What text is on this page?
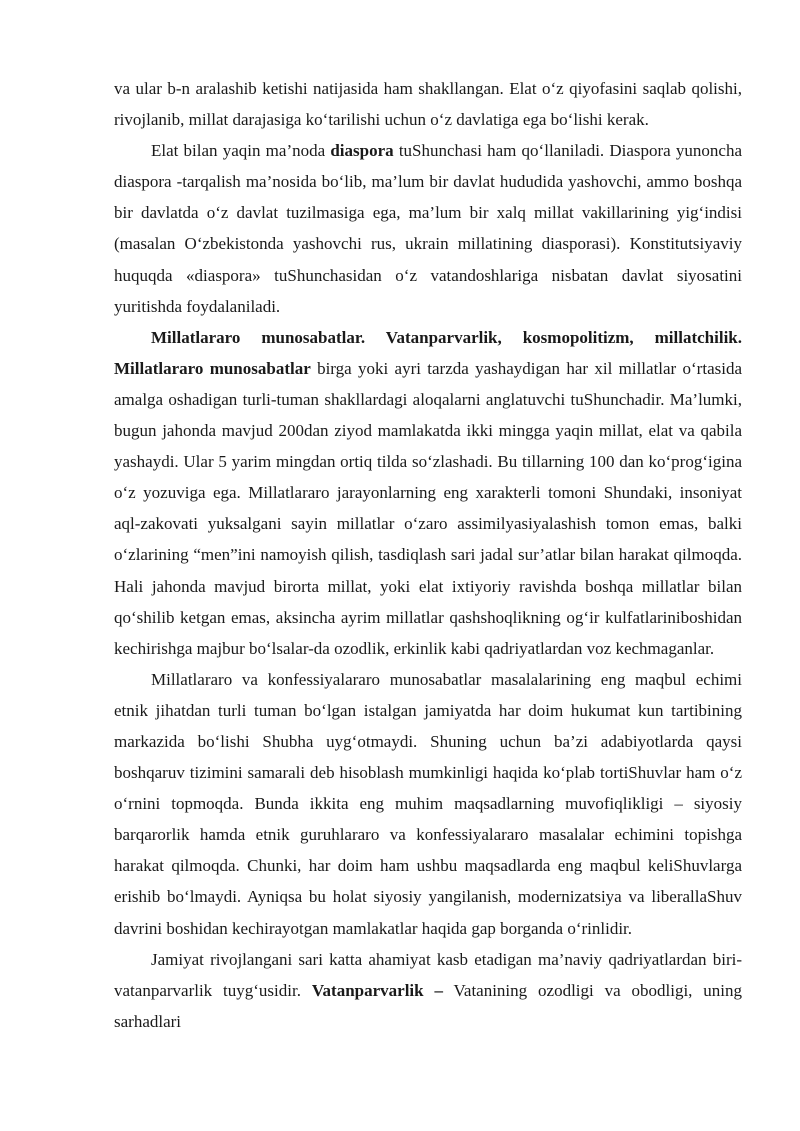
va ular b-n aralashib ketishi natijasida ham shakllangan. Elat o‘z qiyofasini saqlab qolishi, rivojlanib, millat darajasiga ko‘tarilishi uchun o‘z davlatiga ega bo‘lishi kerak.

Elat bilan yaqin ma’noda diaspora tuShunchasi ham qo‘llaniladi. Diaspora yunoncha diaspora -tarqalish ma’nosida bo‘lib, ma’lum bir davlat hududida yashovchi, ammo boshqa bir davlatda o‘z davlat tuzilmasiga ega, ma’lum bir xalq millat vakillarining yig‘indisi (masalan O‘zbekistonda yashovchi rus, ukrain millatining diasporasi). Konstitutsiyaviy huquqda «diaspora» tuShunchasidan o‘z vatandoshlariga nisbatan davlat siyosatini yuritishda foydalaniladi.

Millatlararo munosabatlar. Vatanparvarlik, kosmopolitizm, millatchilik.

Millatlararo munosabatlar birga yoki ayri tarzda yashaydigan har xil millatlar o‘rtasida amalga oshadigan turli-tuman shakllardagi aloqalarni anglatuvchi tuShunchadir. Ma’lumki, bugun jahonda mavjud 200dan ziyod mamlakatda ikki mingga yaqin millat, elat va qabila yashaydi. Ular 5 yarim mingdan ortiq tilda so‘zlashadi. Bu tillarning 100 dan ko‘prog‘igina o‘z yozuviga ega. Millatlararo jarayonlarning eng xarakterli tomoni Shundaki, insoniyat aql-zakovati yuksalgani sayin millatlar o‘zaro assimilyasiyalashish tomon emas, balki o‘zlarining “men”ini namoyish qilish, tasdiqlash sari jadal sur’atlar bilan harakat qilmoqda. Hali jahonda mavjud birorta millat, yoki elat ixtiyoriy ravishda boshqa millatlar bilan qo‘shilib ketgan emas, aksincha ayrim millatlar qashshoqlikning og‘ir kulfatlariniboshidan kechirishga majbur bo‘lsalar-da ozodlik, erkinlik kabi qadriyatlardan voz kechmaganlar.

Millatlararo va konfessiyalararo munosabatlar masalalarining eng maqbul echimi etnik jihatdan turli tuman bo‘lgan istalgan jamiyatda har doim hukumat kun tartibining markazida bo‘lishi Shubha uyg‘otmaydi. Shuning uchun ba’zi adabiyotlarda qaysi boshqaruv tizimini samarali deb hisoblash mumkinligi haqida ko‘plab tortiShuvlar ham o‘z o‘rnini topmoqda. Bunda ikkita eng muhim maqsadlarning muvofiqlikligi – siyosiy barqarorlik hamda etnik guruhlararo va konfessiyalararo masalalar echimini topishga harakat qilmoqda. Chunki, har doim ham ushbu maqsadlarda eng maqbul keliShuvlarga erishib bo‘lmaydi. Ayniqsa bu holat siyosiy yangilanish, modernizatsiya va liberallaShuv davrini boshidan kechirayotgan mamlakatlar haqida gap borganda o‘rinlidir.

Jamiyat rivojlangani sari katta ahamiyat kasb etadigan ma’naviy qadriyatlardan biri-vatanparvarlik tuyg‘usidir. Vatanparvarlik – Vatanining ozodligi va obodligi, uning sarhadlari
